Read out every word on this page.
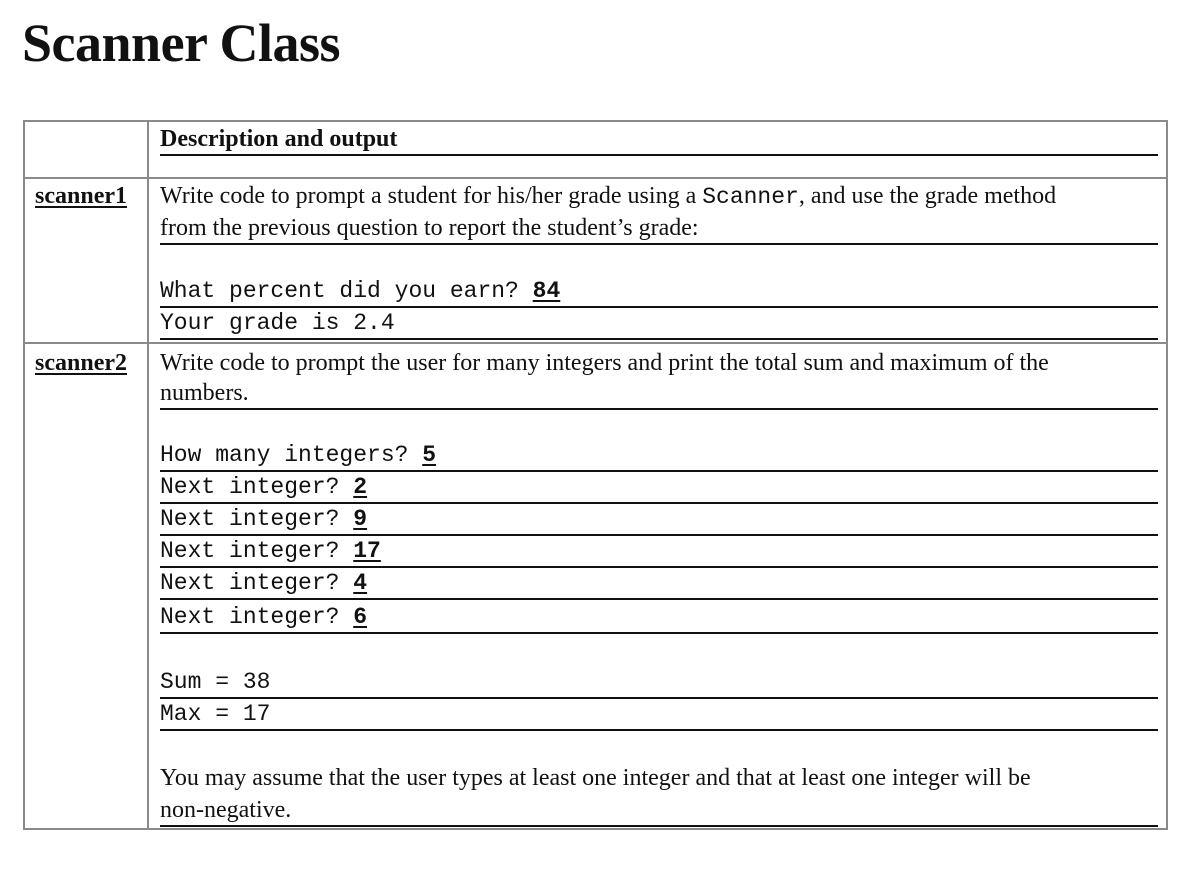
Scanner Class
Description and output
scanner1 Write code to prompt a student for his/her grade using a Scanner, and use the grade method
from the previous question to report the student’s grade:
What percent did you earn? 84
Your grade is 2.4
scanner2 Write code to prompt the user for many integers and print the total sum and maximum of the
numbers.
How many integers? 5
Next integer? 2
Next integer? 9
Next integer? 17
Next integer? 4
Next integer? 6
Sum = 38
Max = 17
You may assume that the user types at least one integer and that at least one integer will be
non-negative.
